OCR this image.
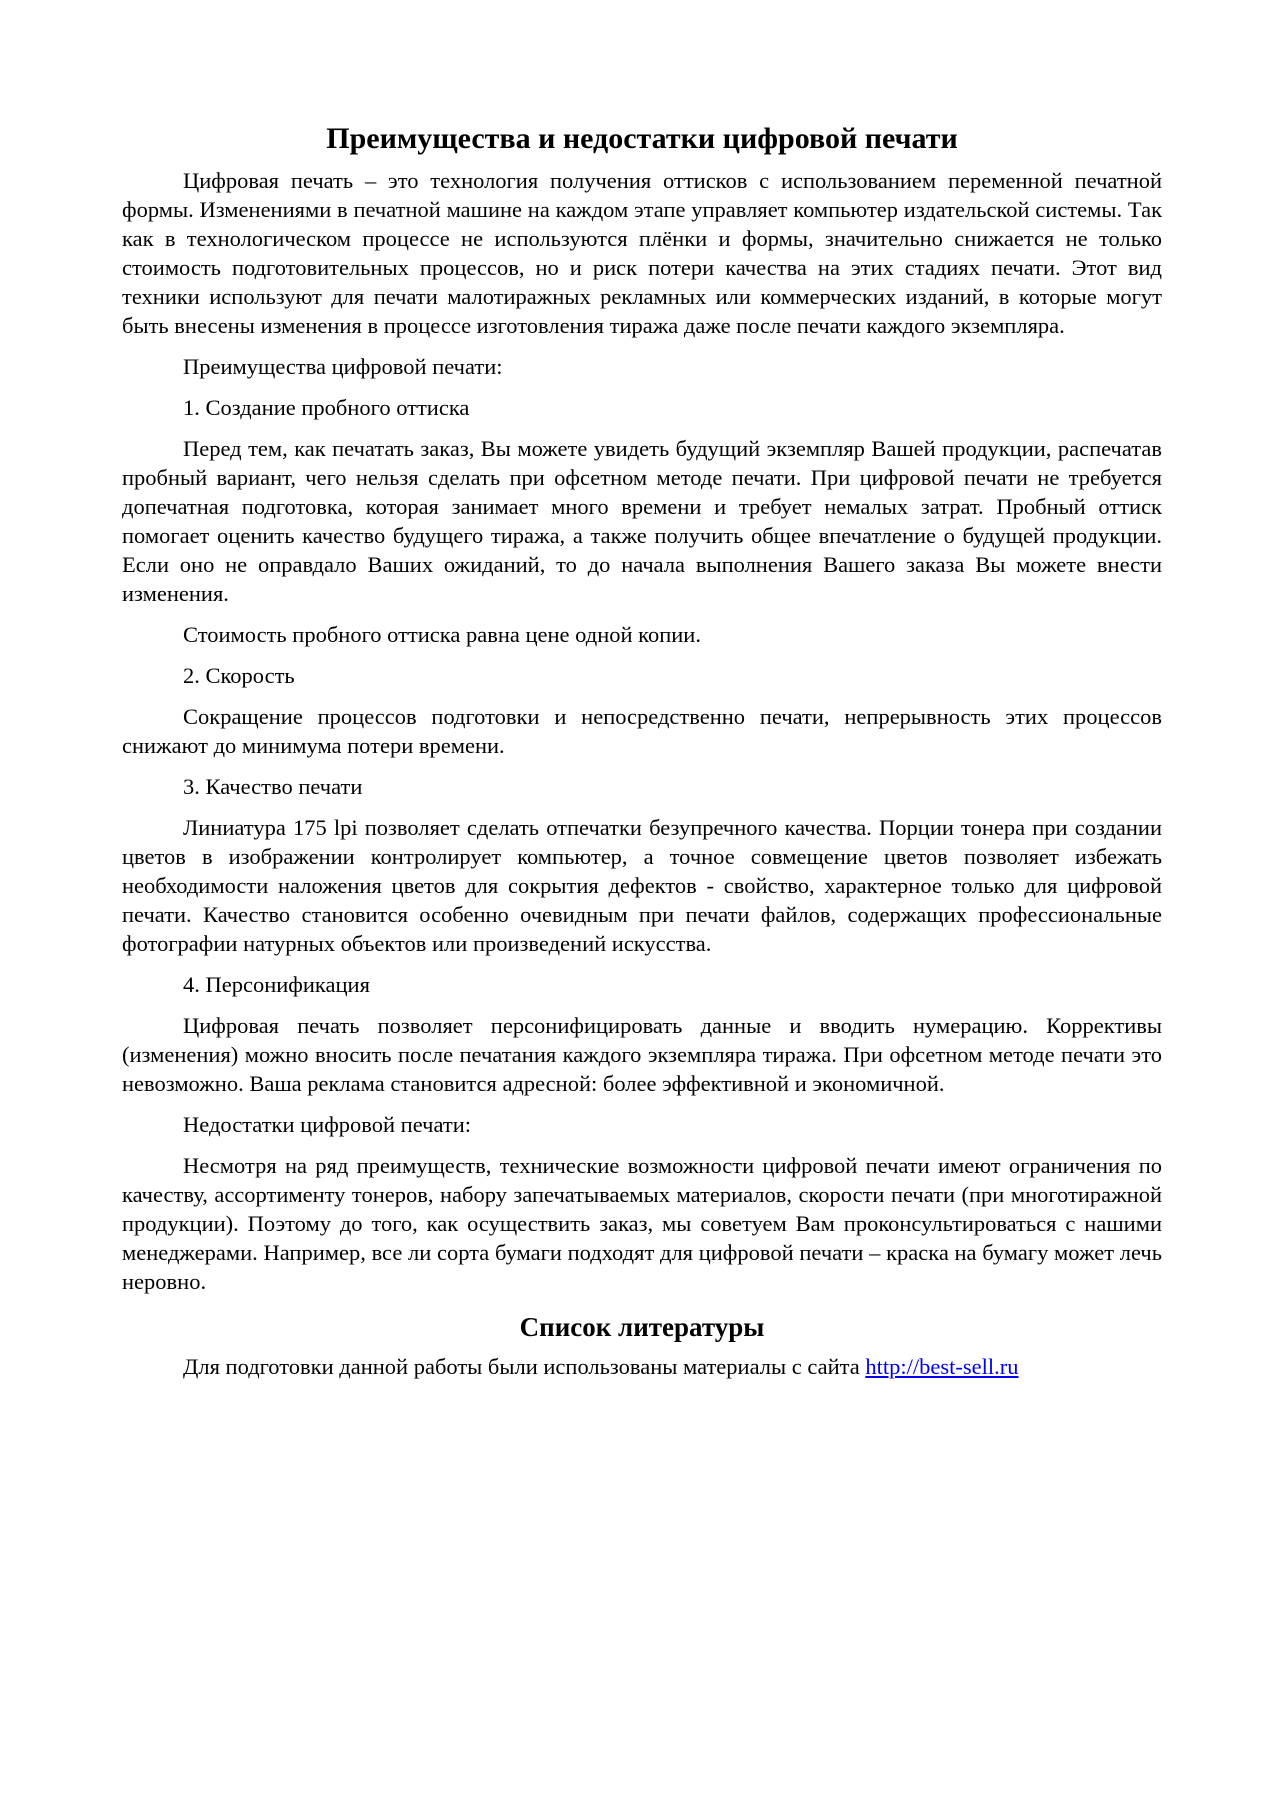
Преимущества и недостатки цифровой печати

Цифровая печать – это технология получения оттисков с использованием переменной печатной формы. Изменениями в печатной машине на каждом этапе управляет компьютер издательской системы. Так как в технологическом процессе не используются плёнки и формы, значительно снижается не только стоимость подготовительных процессов, но и риск потери качества на этих стадиях печати. Этот вид техники используют для печати малотиражных рекламных или коммерческих изданий, в которые могут быть внесены изменения в процессе изготовления тиража даже после печати каждого экземпляра.

Преимущества цифровой печати:

1. Создание пробного оттиска

Перед тем, как печатать заказ, Вы можете увидеть будущий экземпляр Вашей продукции, распечатав пробный вариант, чего нельзя сделать при офсетном методе печати. При цифровой печати не требуется допечатная подготовка, которая занимает много времени и требует немалых затрат. Пробный оттиск помогает оценить качество будущего тиража, а также получить общее впечатление о будущей продукции. Если оно не оправдало Ваших ожиданий, то до начала выполнения Вашего заказа Вы можете внести изменения.

Стоимость пробного оттиска равна цене одной копии.

2. Скорость

Сокращение процессов подготовки и непосредственно печати, непрерывность этих процессов снижают до минимума потери времени.

3. Качество печати

Линиатура 175 lpi позволяет сделать отпечатки безупречного качества. Порции тонера при создании цветов в изображении контролирует компьютер, а точное совмещение цветов позволяет избежать необходимости наложения цветов для сокрытия дефектов - свойство, характерное только для цифровой печати. Качество становится особенно очевидным при печати файлов, содержащих профессиональные фотографии натурных объектов или произведений искусства.

4. Персонификация

Цифровая печать позволяет персонифицировать данные и вводить нумерацию. Коррективы (изменения) можно вносить после печатания каждого экземпляра тиража. При офсетном методе печати это невозможно. Ваша реклама становится адресной: более эффективной и экономичной.

Недостатки цифровой печати:

Несмотря на ряд преимуществ, технические возможности цифровой печати имеют ограничения по качеству, ассортименту тонеров, набору запечатываемых материалов, скорости печати (при многотиражной продукции). Поэтому до того, как осуществить заказ, мы советуем Вам проконсультироваться с нашими менеджерами. Например, все ли сорта бумаги подходят для цифровой печати – краска на бумагу может лечь неровно.

Список литературы

Для подготовки данной работы были использованы материалы с сайта http://best-sell.ru
